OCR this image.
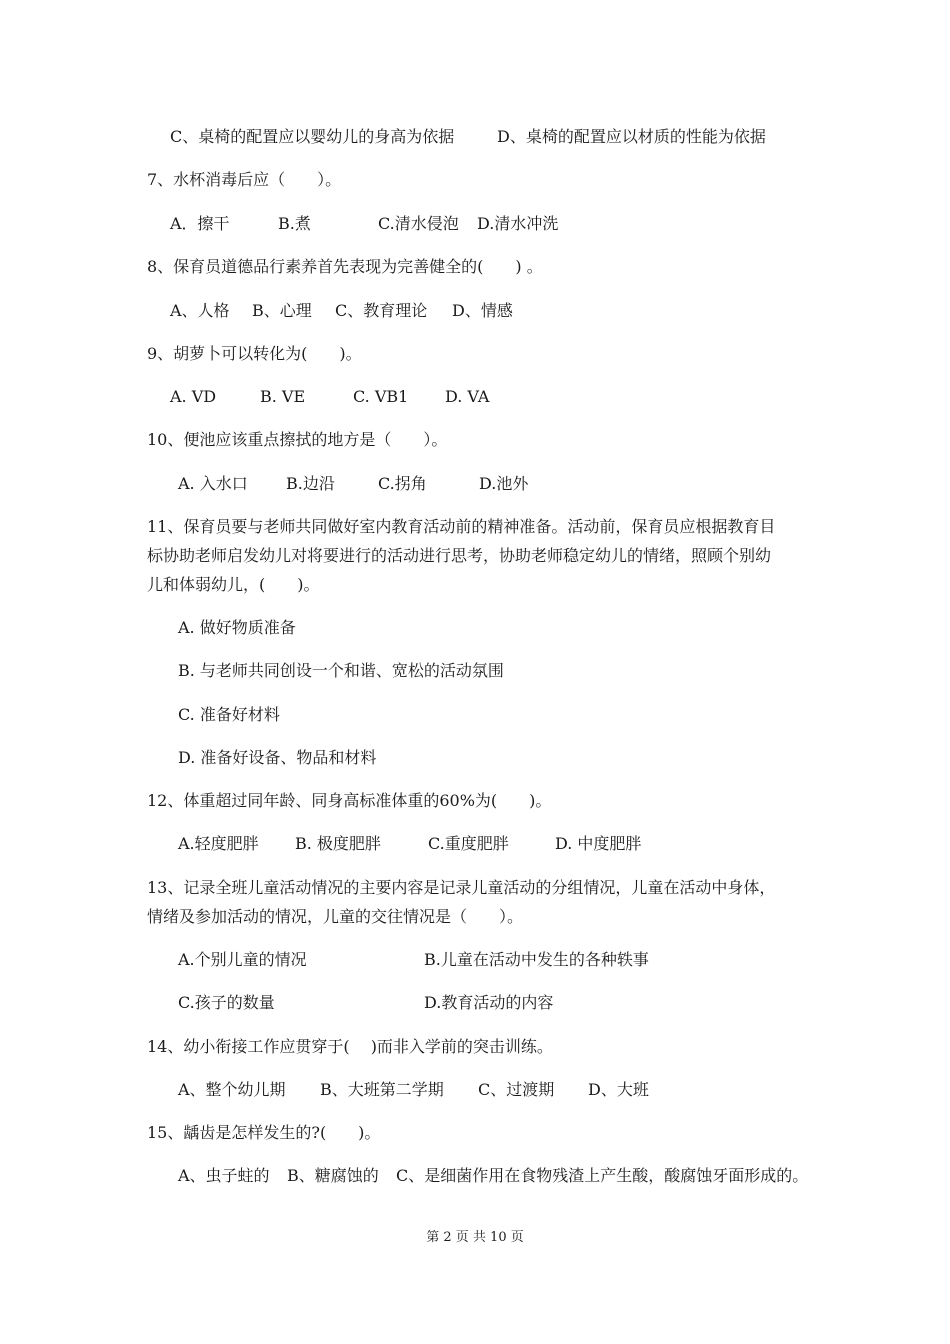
C、桌椅的配置应以婴幼儿的身高为依据	D、桌椅的配置应以材质的性能为依据
7、水杯消毒后应（　　）。
A．擦干	B.煮	C.清水侵泡 D.清水冲洗
8、保育员道德品行素养首先表现为完善健全的(　　) 。
A、人格 B、心理 C、教育理论 D、情感
9、胡萝卜可以转化为(　　)。
A. VD	B. VE	C. VB1 D. VA
10、便池应该重点擦拭的地方是（　　）。
A. 入水口 B.边沿	C.拐角	D.池外
11、保育员要与老师共同做好室内教育活动前的精神准备。活动前，保育员应根据教育目
标协助老师启发幼儿对将要进行的活动进行思考，协助老师稳定幼儿的情绪，照顾个别幼
儿和体弱幼儿，(　　)。
A. 做好物质准备
B. 与老师共同创设一个和谐、宽松的活动氛围
C. 准备好材料
D. 准备好设备、物品和材料
12、体重超过同年龄、同身高标准体重的60%为(　　)。
A.轻度肥胖 B. 极度肥胖	C.重度肥胖	D. 中度肥胖
13、记录全班儿童活动情况的主要内容是记录儿童活动的分组情况，儿童在活动中身体，
情绪及参加活动的情况，儿童的交往情况是（　　）。
A.个别儿童的情况	B.儿童在活动中发生的各种轶事
C.孩子的数量	D.教育活动的内容
14、幼小衔接工作应贯穿于(　 )而非入学前的突击训练。
A、整个幼儿期 B、大班第二学期 C、过渡期 D、大班
15、龋齿是怎样发生的?(　　)。
A、虫子蛀的 B、糖腐蚀的 C、是细菌作用在食物残渣上产生酸，酸腐蚀牙面形成的。
第 2 页 共 10 页
